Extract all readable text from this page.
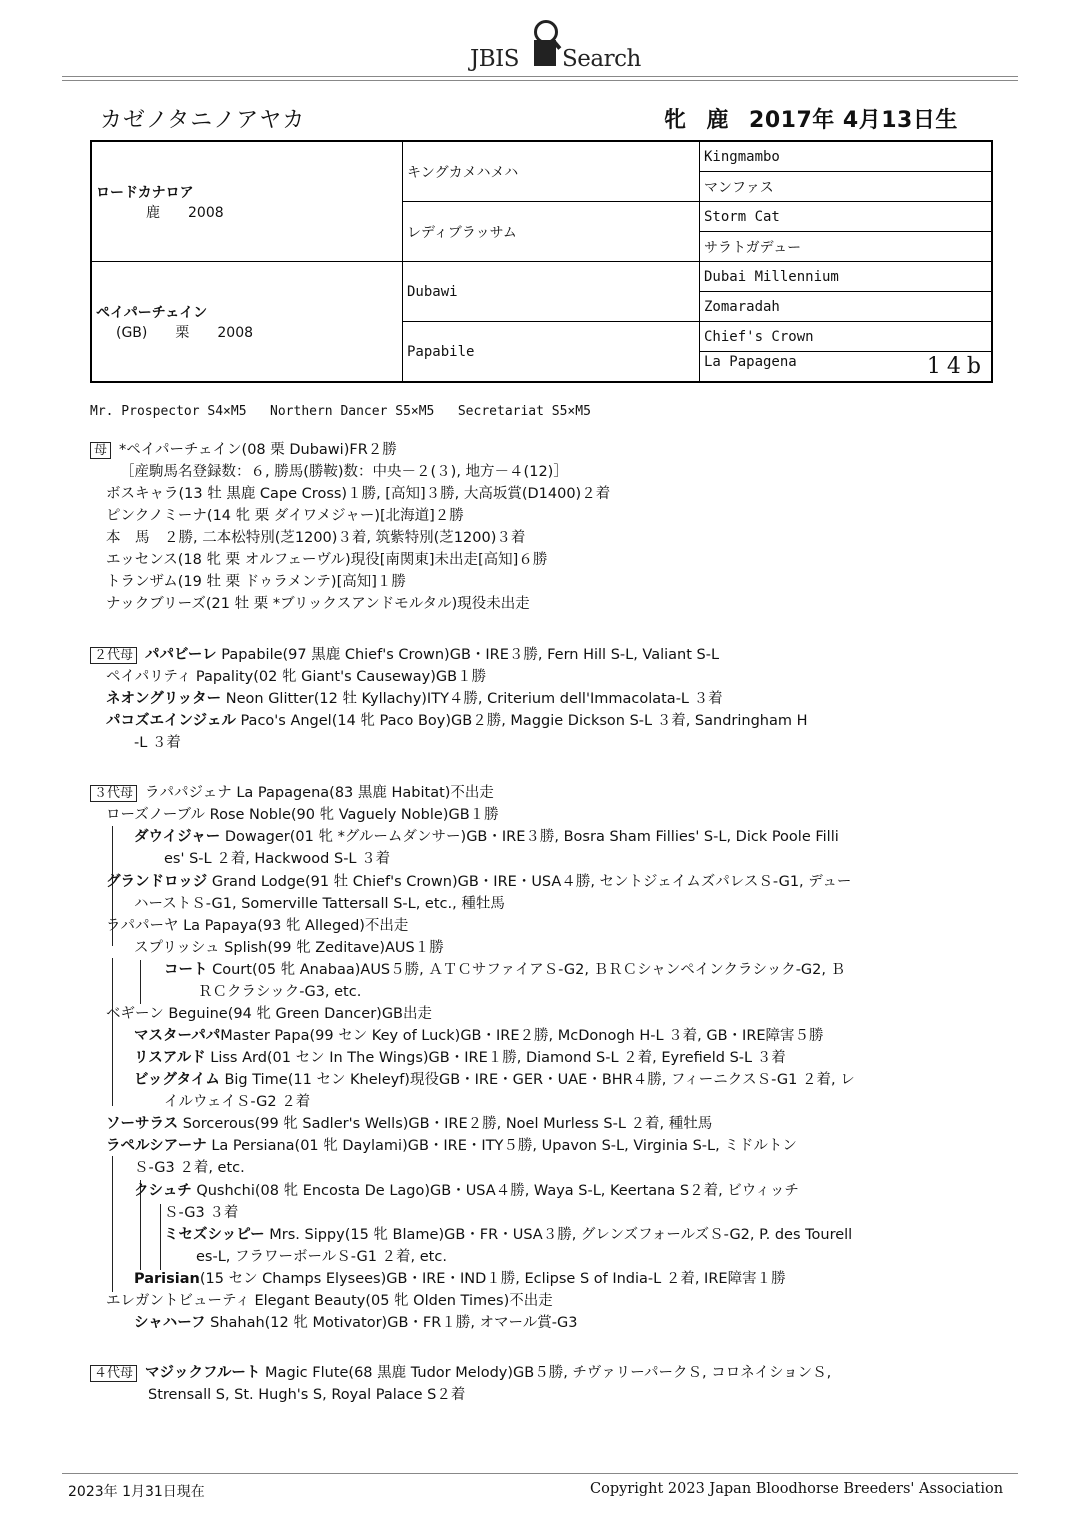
JBIS Search
カゼノタニノアヤカ	牝 鹿 2017年 4月13日生
ロードカナロア
鹿　　2008	キングカメハメハ	Kingmambo
		マンファス
	レディブラッサム	Storm Cat
		サラトガデュー

ペイパーチェイン
(GB)　　栗　　2008	Dubawi	Dubai Millennium
		Zomaradah
	Papabile	Chief's Crown
		La Papagena 14b
Mr. Prospector S4×M5   Northern Dancer S5×M5   Secretariat S5×M5
母 *ペイパーチェイン(08 栗 Dubawi)FR２勝
［産駒馬名登録数：６, 勝馬(勝鞍)数：中央－２(３), 地方－４(12)］
ボスキャラ(13 牡 黒鹿 Cape Cross)１勝, [高知]３勝, 大高坂賞(D1400)２着
ピンクノミーナ(14 牝 栗 ダイワメジャー)[北海道]２勝
本　馬　２勝, 二本松特別(芝1200)３着, 筑紫特別(芝1200)３着
エッセンス(18 牝 栗 オルフェーヴル)現役[南関東]未出走[高知]６勝
トランザム(19 牡 栗 ドゥラメンテ)[高知]１勝
ナックブリーズ(21 牡 栗 *ブリックスアンドモルタル)現役未出走
２代母 パパビーレ Papabile(97 黒鹿 Chief's Crown)GB・IRE３勝, Fern Hill S-L, Valiant S-L
ペイパリティ Papality(02 牝 Giant's Causeway)GB１勝
ネオングリッター Neon Glitter(12 牡 Kyllachy)ITY４勝, Criterium dell'Immacolata-L ３着
パコズエインジェル Paco's Angel(14 牝 Paco Boy)GB２勝, Maggie Dickson S-L ３着, Sandringham H
-L ３着
３代母 ラパパジェナ La Papagena(83 黒鹿 Habitat)不出走
ローズノーブル Rose Noble(90 牝 Vaguely Noble)GB１勝
ダウイジャー Dowager(01 牝 *グルームダンサー)GB・IRE３勝, Bosra Sham Fillies' S-L, Dick Poole Filli
es' S-L ２着, Hackwood S-L ３着
グランドロッジ Grand Lodge(91 牡 Chief's Crown)GB・IRE・USA４勝, セントジェイムズパレスＳ-G1, デュー
ハーストＳ-G1, Somerville Tattersall S-L, etc., 種牡馬
ラパパーヤ La Papaya(93 牝 Alleged)不出走
スプリッシュ Splish(99 牝 Zeditave)AUS１勝
コート Court(05 牝 Anabaa)AUS５勝, ＡＴＣサファイアＳ-G2, ＢＲＣシャンペインクラシック-G2, Ｂ
ＲＣクラシック-G3, etc.
ベギーン Beguine(94 牝 Green Dancer)GB出走
マスターパパMaster Papa(99 セン Key of Luck)GB・IRE２勝, McDonogh H-L ３着, GB・IRE障害５勝
リスアルド Liss Ard(01 セン In The Wings)GB・IRE１勝, Diamond S-L ２着, Eyrefield S-L ３着
ビッグタイム Big Time(11 セン Kheleyf)現役GB・IRE・GER・UAE・BHR４勝, フィーニクスＳ-G1 ２着, レ
イルウェイＳ-G2 ２着
ソーサラス Sorcerous(99 牝 Sadler's Wells)GB・IRE２勝, Noel Murless S-L ２着, 種牡馬
ラペルシアーナ La Persiana(01 牝 Daylami)GB・IRE・ITY５勝, Upavon S-L, Virginia S-L, ミドルトン
Ｓ-G3 ２着, etc.
クシュチ Qushchi(08 牝 Encosta De Lago)GB・USA４勝, Waya S-L, Keertana S２着, ビウィッチ
Ｓ-G3 ３着
ミセズシッピー Mrs. Sippy(15 牝 Blame)GB・FR・USA３勝, グレンズフォールズＳ-G2, P. des Tourell
es-L, フラワーボールＳ-G1 ２着, etc.
Parisian(15 セン Champs Elysees)GB・IRE・IND１勝, Eclipse S of India-L ２着, IRE障害１勝
エレガントビューティ Elegant Beauty(05 牝 Olden Times)不出走
シャハーフ Shahah(12 牝 Motivator)GB・FR１勝, オマール賞-G3
４代母 マジックフルート Magic Flute(68 黒鹿 Tudor Melody)GB５勝, チヴァリーパークＳ, コロネイションＳ,
Strensall S, St. Hugh's S, Royal Palace S２着
2023年 1月31日現在	Copyright 2023 Japan Bloodhorse Breeders' Association
